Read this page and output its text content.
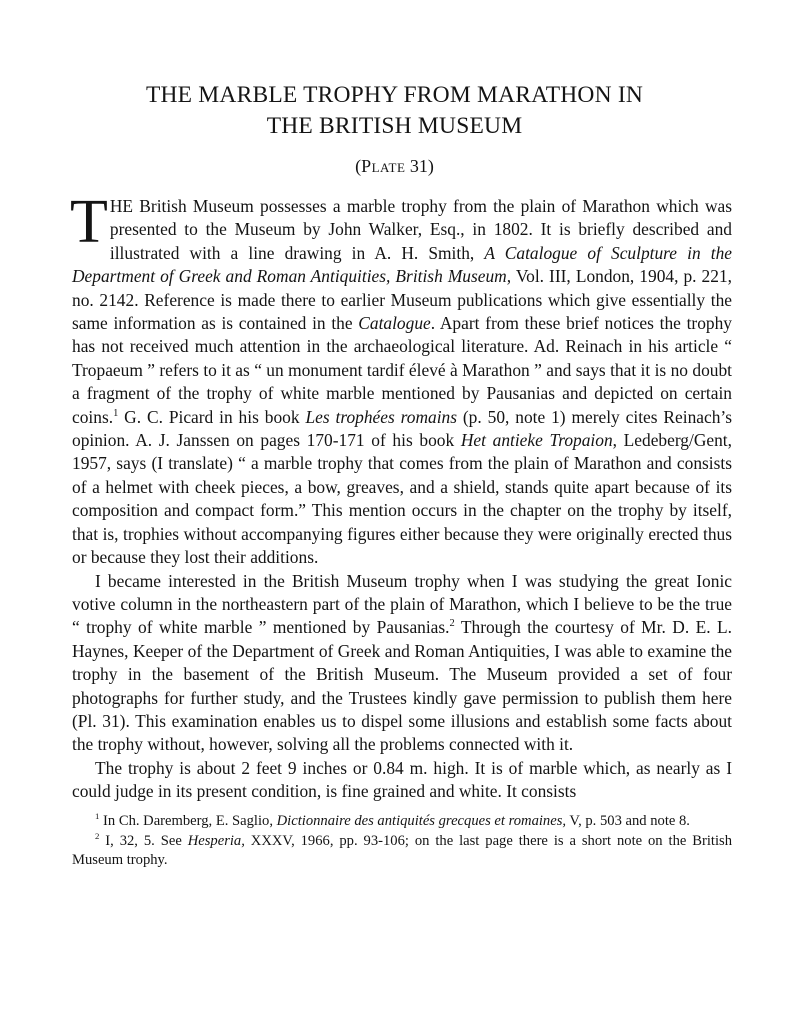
THE MARBLE TROPHY FROM MARATHON IN
THE BRITISH MUSEUM
(Plate 31)

THE British Museum possesses a marble trophy from the plain of Marathon which was presented to the Museum by John Walker, Esq., in 1802. It is briefly described and illustrated with a line drawing in A. H. Smith, A Catalogue of Sculpture in the Department of Greek and Roman Antiquities, British Museum, Vol. III, London, 1904, p. 221, no. 2142. Reference is made there to earlier Museum publications which give essentially the same information as is contained in the Catalogue. Apart from these brief notices the trophy has not received much attention in the archaeological literature. Ad. Reinach in his article “ Tropaeum ” refers to it as “ un monument tardif élevé à Marathon ” and says that it is no doubt a fragment of the trophy of white marble mentioned by Pausanias and depicted on certain coins.$^1$ G. C. Picard in his book Les trophées romains (p. 50, note 1) merely cites Reinach’s opinion. A. J. Janssen on pages 170-171 of his book Het antieke Tropaion, Ledeberg/Gent, 1957, says (I translate) “ a marble trophy that comes from the plain of Marathon and consists of a helmet with cheek pieces, a bow, greaves, and a shield, stands quite apart because of its composition and compact form.” This mention occurs in the chapter on the trophy by itself, that is, trophies without accompanying figures either because they were originally erected thus or because they lost their additions.

I became interested in the British Museum trophy when I was studying the great Ionic votive column in the northeastern part of the plain of Marathon, which I believe to be the true “ trophy of white marble ” mentioned by Pausanias.$^2$ Through the courtesy of Mr. D. E. L. Haynes, Keeper of the Department of Greek and Roman Antiquities, I was able to examine the trophy in the basement of the British Museum. The Museum provided a set of four photographs for further study, and the Trustees kindly gave permission to publish them here (Pl. 31). This examination enables us to dispel some illusions and establish some facts about the trophy without, however, solving all the problems connected with it.

The trophy is about 2 feet 9 inches or 0.84 m. high. It is of marble which, as nearly as I could judge in its present condition, is fine grained and white. It consists

$^1$ In Ch. Daremberg, E. Saglio, Dictionnaire des antiquités grecques et romaines, V, p. 503 and note 8.

$^2$ I, 32, 5. See Hesperia, XXXV, 1966, pp. 93-106; on the last page there is a short note on the British Museum trophy.
